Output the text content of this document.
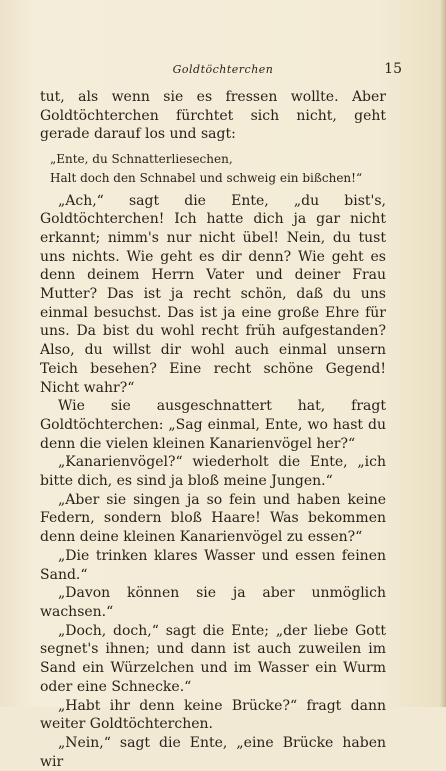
Goldtöchterchen	15

tut, als wenn sie es fressen wollte. Aber Goldtöchterchen fürchtet sich nicht, geht gerade darauf los und sagt:

„Ente, du Schnatterliesechen,
Halt doch den Schnabel und schweig ein bißchen!“

„Ach,“ sagt die Ente, „du bist's, Goldtöchterchen! Ich hatte dich ja gar nicht erkannt; nimm's nur nicht übel! Nein, du tust uns nichts. Wie geht es dir denn? Wie geht es denn deinem Herrn Vater und deiner Frau Mutter? Das ist ja recht schön, daß du uns einmal besuchst. Das ist ja eine große Ehre für uns. Da bist du wohl recht früh aufgestanden? Also, du willst dir wohl auch einmal unsern Teich besehen? Eine recht schöne Gegend! Nicht wahr?“

Wie sie ausgeschnattert hat, fragt Goldtöchterchen: „Sag einmal, Ente, wo hast du denn die vielen kleinen Kanarienvögel her?“

„Kanarienvögel?“ wiederholt die Ente, „ich bitte dich, es sind ja bloß meine Jungen.“

„Aber sie singen ja so fein und haben keine Federn, sondern bloß Haare! Was bekommen denn deine kleinen Kanarienvögel zu essen?“

„Die trinken klares Wasser und essen feinen Sand.“

„Davon können sie ja aber unmöglich wachsen.“

„Doch, doch,“ sagt die Ente; „der liebe Gott segnet's ihnen; und dann ist auch zuweilen im Sand ein Würzelchen und im Wasser ein Wurm oder eine Schnecke.“

„Habt ihr denn keine Brücke?“ fragt dann weiter Goldtöchterchen.

„Nein,“ sagt die Ente, „eine Brücke haben wir
